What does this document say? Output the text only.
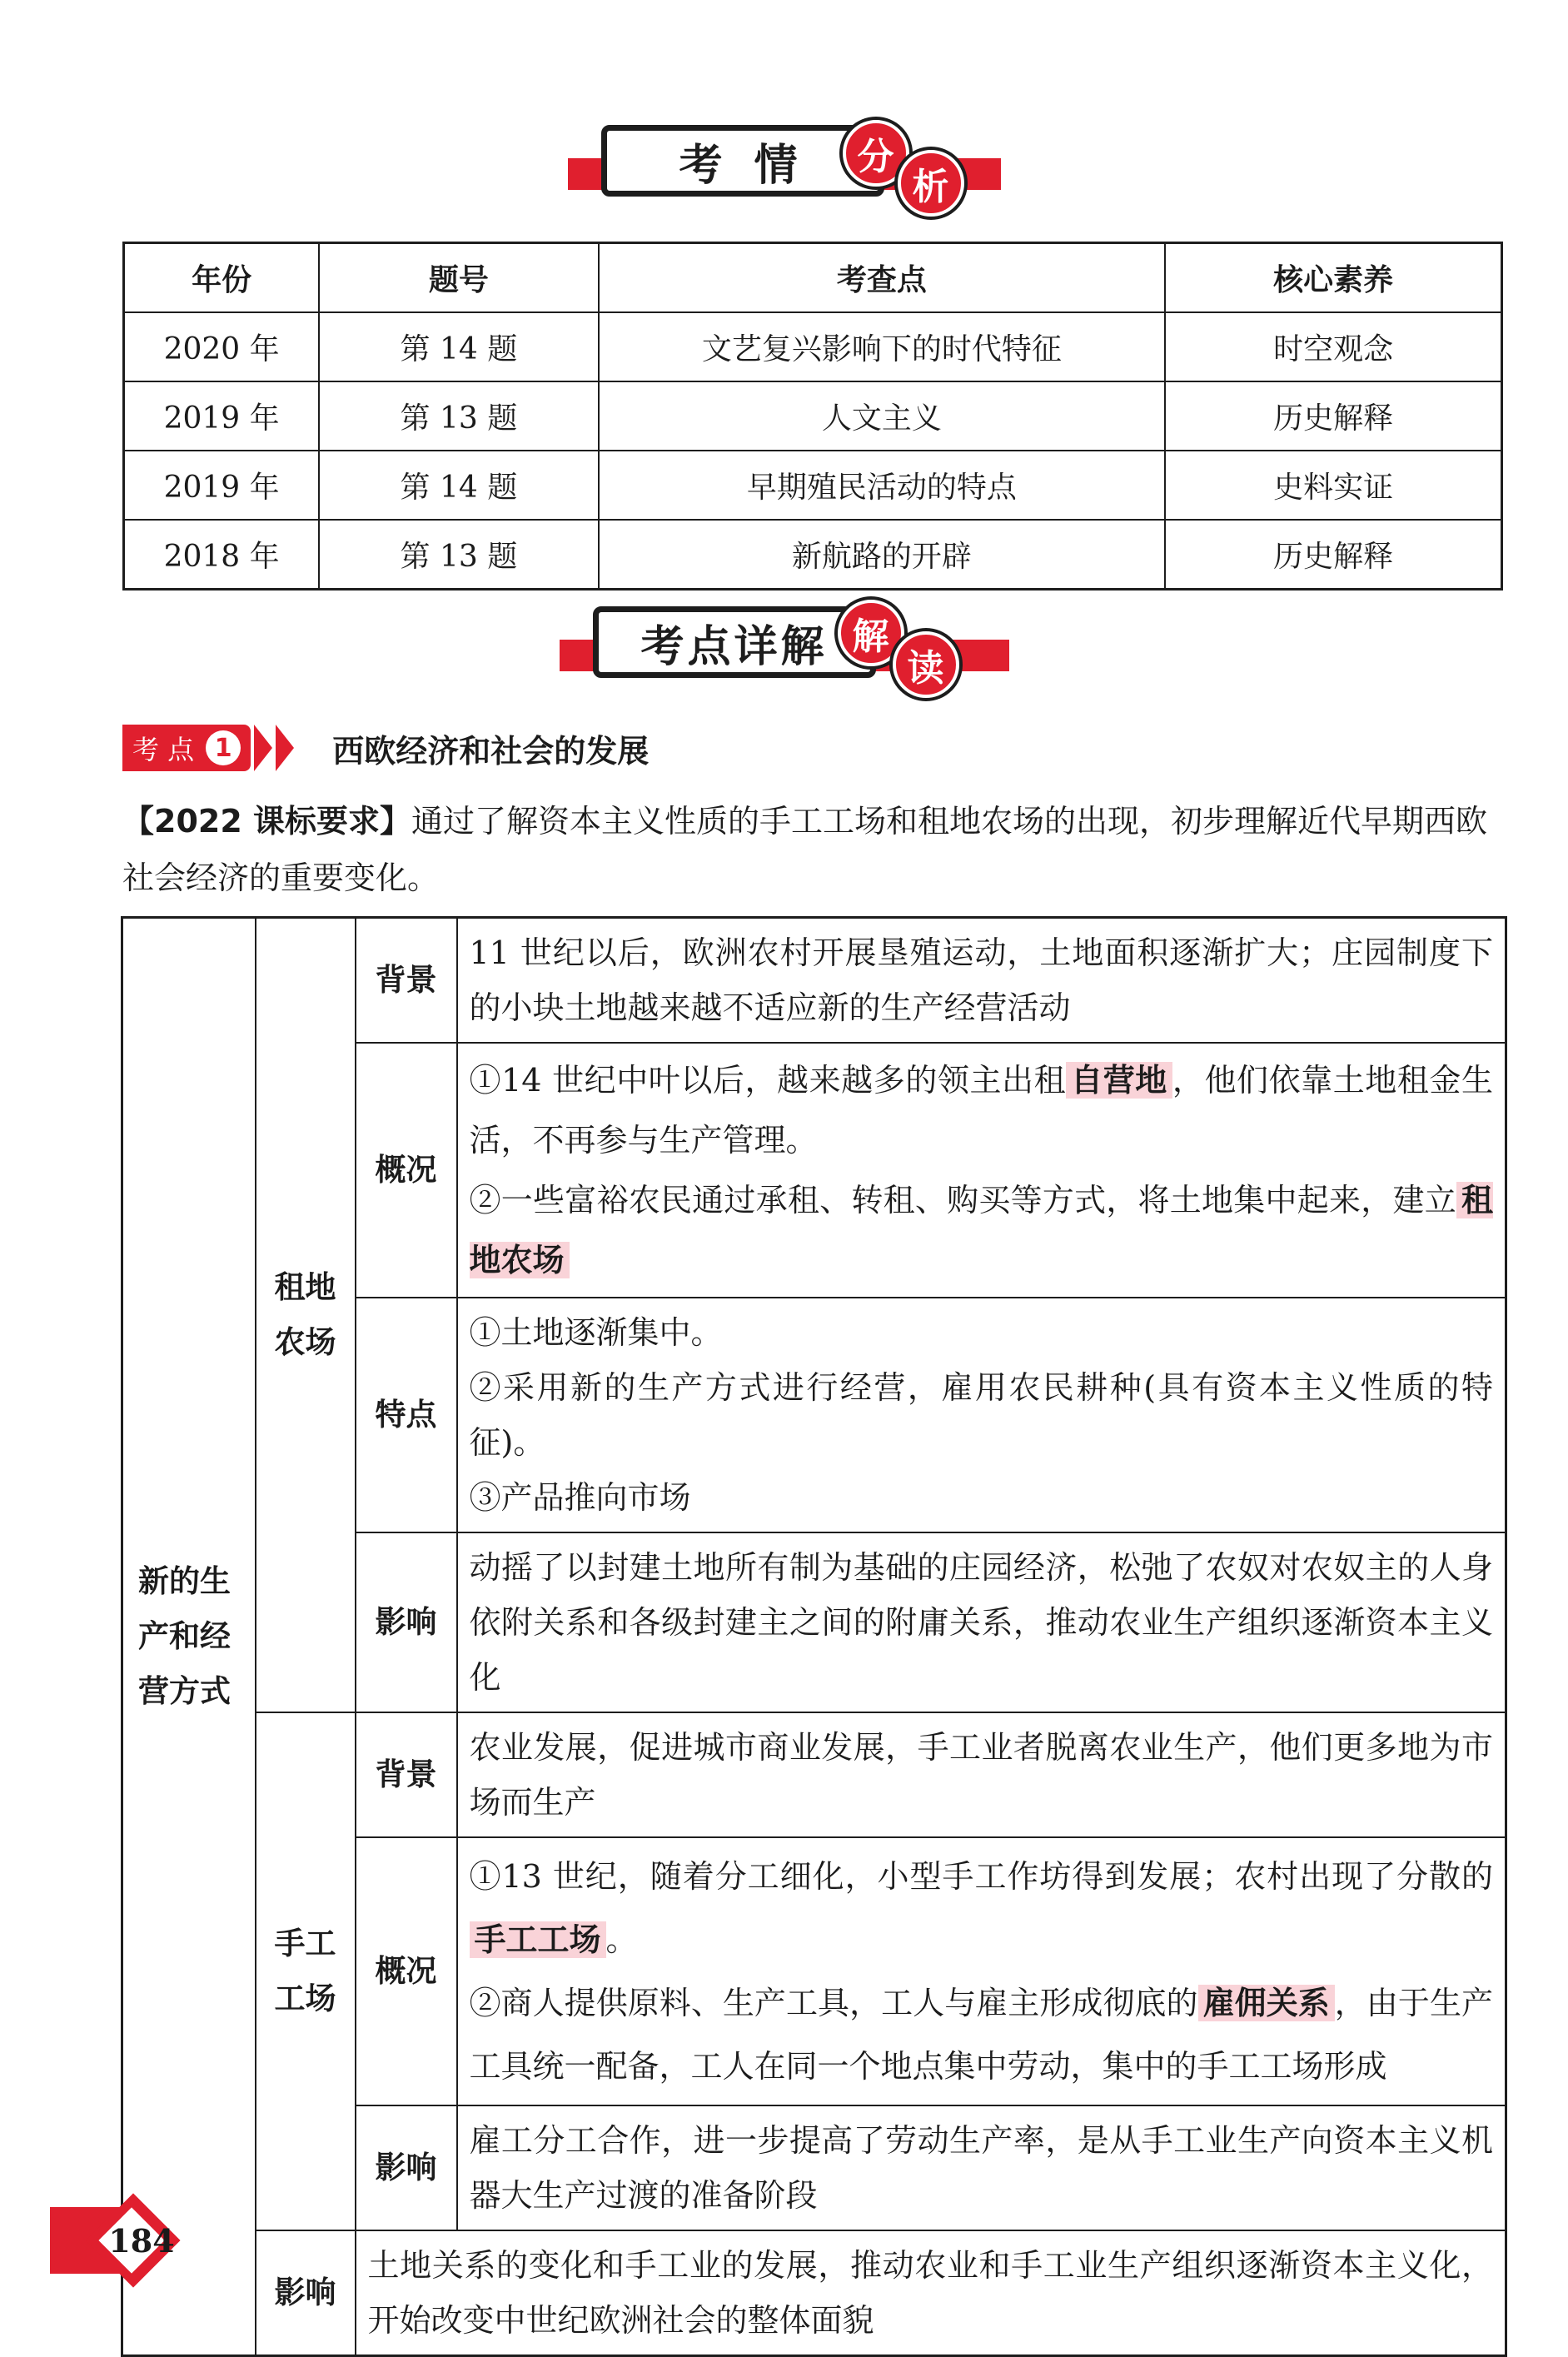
考 情	分
析
年份	题号	考查点	核心素养
2020 年	第 14 题	文艺复兴影响下的时代特征	时空观念
2019 年	第 13 题	人文主义	历史解释
2019 年	第 14 题	早期殖民活动的特点	史料实证
2018 年	第 13 题	新航路的开辟	历史解释
考点详解 解
读
考 点 1	西欧经济和社会的发展
【2022 课标要求】通过了解资本主义性质的手工工场和租地农场的出现，初步理解近代早期西欧社会经济的重要变化。
新的生产和经营方式	租地农场	背景	11 世纪以后，欧洲农村开展垦殖运动，土地面积逐渐扩大；庄园制度下的小块土地越来越不适应新的生产经营活动
		概况	①14 世纪中叶以后，越来越多的领主出租 自营地 ，他们依靠土地租金生活，不再参与生产管理。
②一些富裕农民通过承租、转租、购买等方式，将土地集中起来，建立 租地农场
		特点	①土地逐渐集中。
②采用新的生产方式进行经营，雇用农民耕种(具有资本主义性质的特征)。
③产品推向市场
		影响	动摇了以封建土地所有制为基础的庄园经济，松弛了农奴对农奴主的人身依附关系和各级封建主之间的附庸关系，推动农业生产组织逐渐资本主义化
	手工工场	背景	农业发展，促进城市商业发展，手工业者脱离农业生产，他们更多地为市场而生产
		概况	①13 世纪，随着分工细化，小型手工作坊得到发展；农村出现了分散的手工工场 。
②商人提供原料、生产工具，工人与雇主形成彻底的 雇佣关系 ，由于生产工具统一配备，工人在同一个地点集中劳动，集中的手工工场形成
		影响	雇工分工合作，进一步提高了劳动生产率，是从手工业生产向资本主义机器大生产过渡的准备阶段
	影响	土地关系的变化和手工业的发展，推动农业和手工业生产组织逐渐资本主义化，开始改变中世纪欧洲社会的整体面貌	
184
